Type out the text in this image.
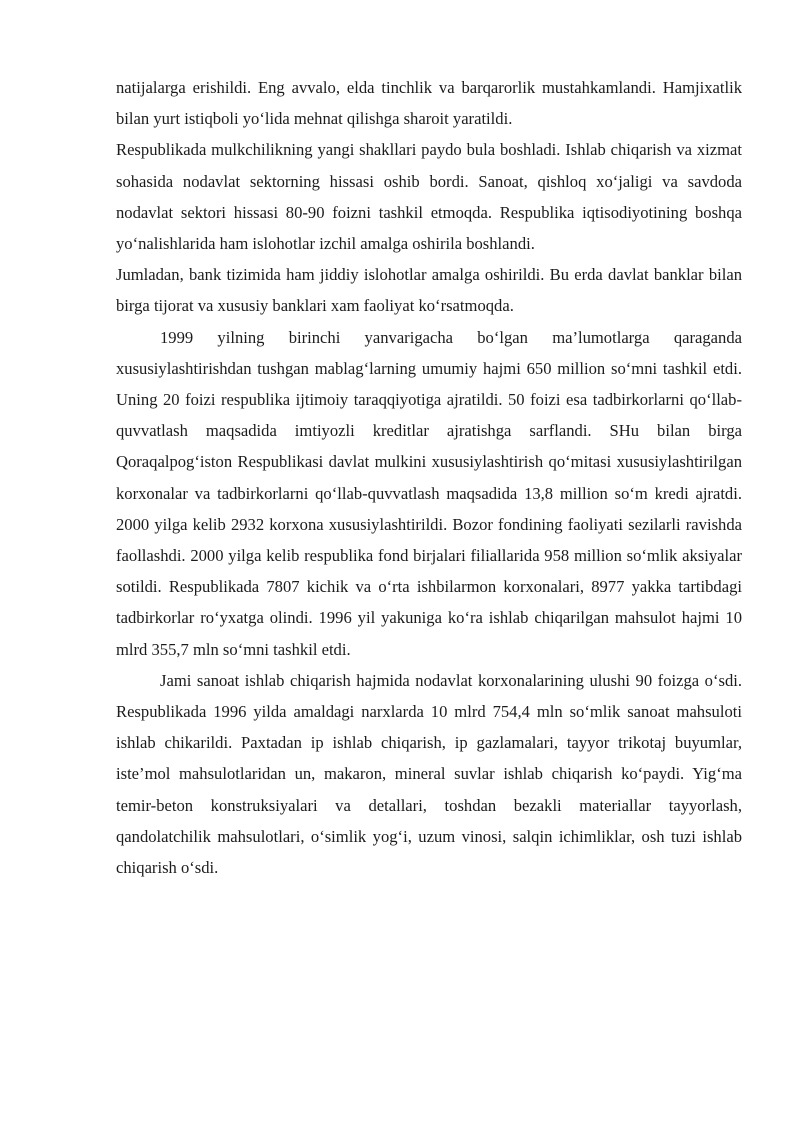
natijalarga erishildi. Eng avvalo, elda tinchlik va barqarorlik mustahkamlandi. Hamjixatlik bilan yurt istiqboli yo‘lida mehnat qilishga sharoit yaratildi.

Respublikada mulkchilikning yangi shakllari paydo bula boshladi. Ishlab chiqarish va xizmat sohasida nodavlat sektorning hissasi oshib bordi. Sanoat, qishloq xo‘jaligi va savdoda nodavlat sektori hissasi 80-90 foizni tashkil etmoqda. Respublika iqtisodiyotining boshqa yo‘nalishlarida ham islohotlar izchil amalga oshirila boshlandi.

Jumladan, bank tizimida ham jiddiy islohotlar amalga oshirildi. Bu erda davlat banklar bilan birga tijorat va xususiy banklari xam faoliyat ko‘rsatmoqda.

1999 yilning birinchi yanvarigacha bo‘lgan ma’lumotlarga qaraganda xususiylashtirishdan tushgan mablag‘larning umumiy hajmi 650 million so‘mni tashkil etdi. Uning 20 foizi respublika ijtimoiy taraqqiyotiga ajratildi. 50 foizi esa tadbirkorlarni qo‘llab-quvvatlash maqsadida imtiyozli kreditlar ajratishga sarflandi. SHu bilan birga Qoraqalpog‘iston Respublikasi davlat mulkini xususiylashtirish qo‘mitasi xususiylashtirilgan korxonalar va tadbirkorlarni qo‘llab-quvvatlash maqsadida 13,8 million so‘m kredi ajratdi. 2000 yilga kelib 2932 korxona xususiylashtirildi. Bozor fondining faoliyati sezilarli ravishda faollashdi. 2000 yilga kelib respublika fond birjalari filiallarida 958 million so‘mlik aksiyalar sotildi. Respublikada 7807 kichik va o‘rta ishbilarmon korxonalari, 8977 yakka tartibdagi tadbirkorlar ro‘yxatga olindi. 1996 yil yakuniga ko‘ra ishlab chiqarilgan mahsulot hajmi 10 mlrd 355,7 mln so‘mni tashkil etdi.

Jami sanoat ishlab chiqarish hajmida nodavlat korxonalarining ulushi 90 foizga o‘sdi. Respublikada 1996 yilda amaldagi narxlarda 10 mlrd 754,4 mln so‘mlik sanoat mahsuloti ishlab chikarildi. Paxtadan ip ishlab chiqarish, ip gazlamalari, tayyor trikotaj buyumlar, iste’mol mahsulotlaridan un, makaron, mineral suvlar ishlab chiqarish ko‘paydi. Yig‘ma temir-beton konstruksiyalari va detallari, toshdan bezakli materiallar tayyorlash, qandolatchilik mahsulotlari, o‘simlik yog‘i, uzum vinosi, salqin ichimliklar, osh tuzi ishlab chiqarish o‘sdi.
